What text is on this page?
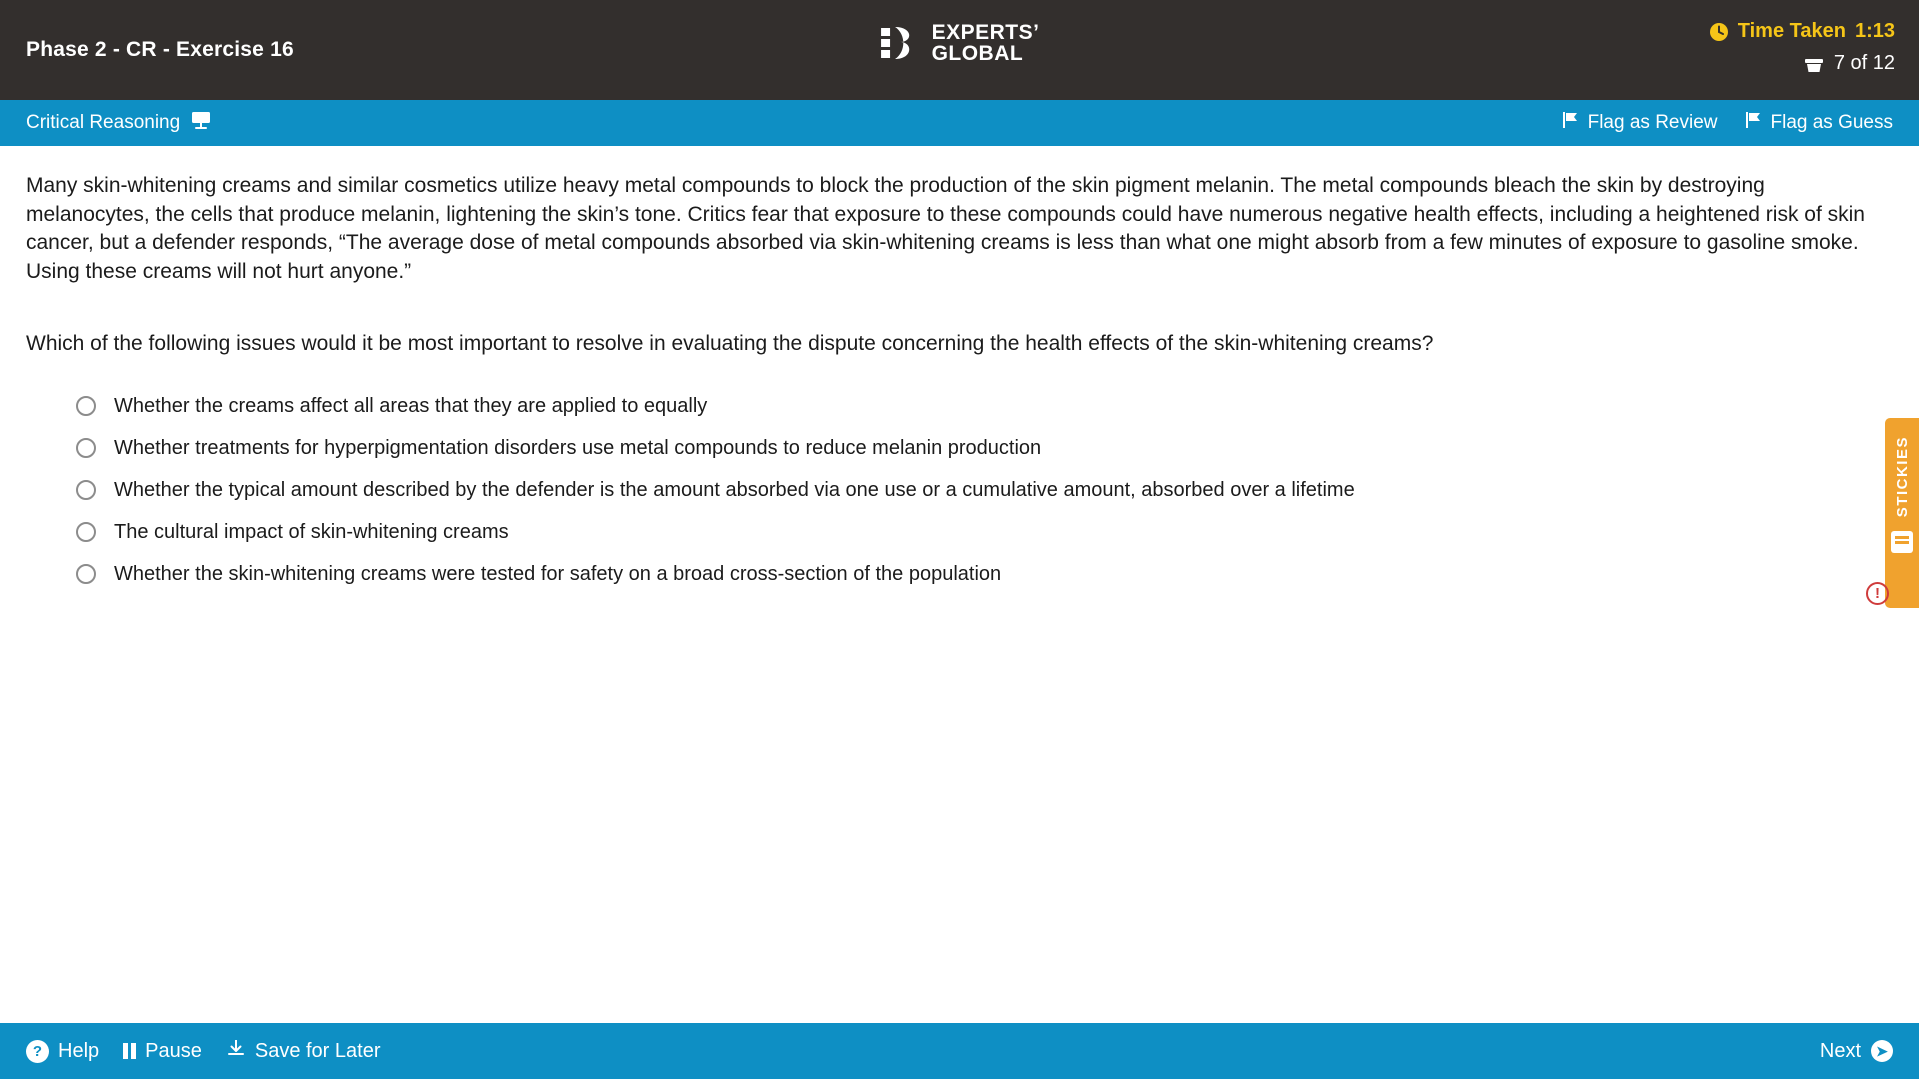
Phase 2 - CR - Exercise 16
EXPERTS’
GLOBAL
Time Taken 1:13
7 of 12
Critical Reasoning	Flag as Review	Flag as Guess

Many skin-whitening creams and similar cosmetics utilize heavy metal compounds to block the production of the skin pigment melanin. The metal compounds bleach the skin by destroying melanocytes, the cells that produce melanin, lightening the skin’s tone. Critics fear that exposure to these compounds could have numerous negative health effects, including a heightened risk of skin cancer, but a defender responds, “The average dose of metal compounds absorbed via skin-whitening creams is less than what one might absorb from a few minutes of exposure to gasoline smoke. Using these creams will not hurt anyone.”

Which of the following issues would it be most important to resolve in evaluating the dispute concerning the health effects of the skin-whitening creams?

Whether the creams affect all areas that they are applied to equally
Whether treatments for hyperpigmentation disorders use metal compounds to reduce melanin production
Whether the typical amount described by the defender is the amount absorbed via one use or a cumulative amount, absorbed over a lifetime
The cultural impact of skin-whitening creams
Whether the skin-whitening creams were tested for safety on a broad cross-section of the population
STICKIES
!
? Help Pause	Save for Later	Next	➤
